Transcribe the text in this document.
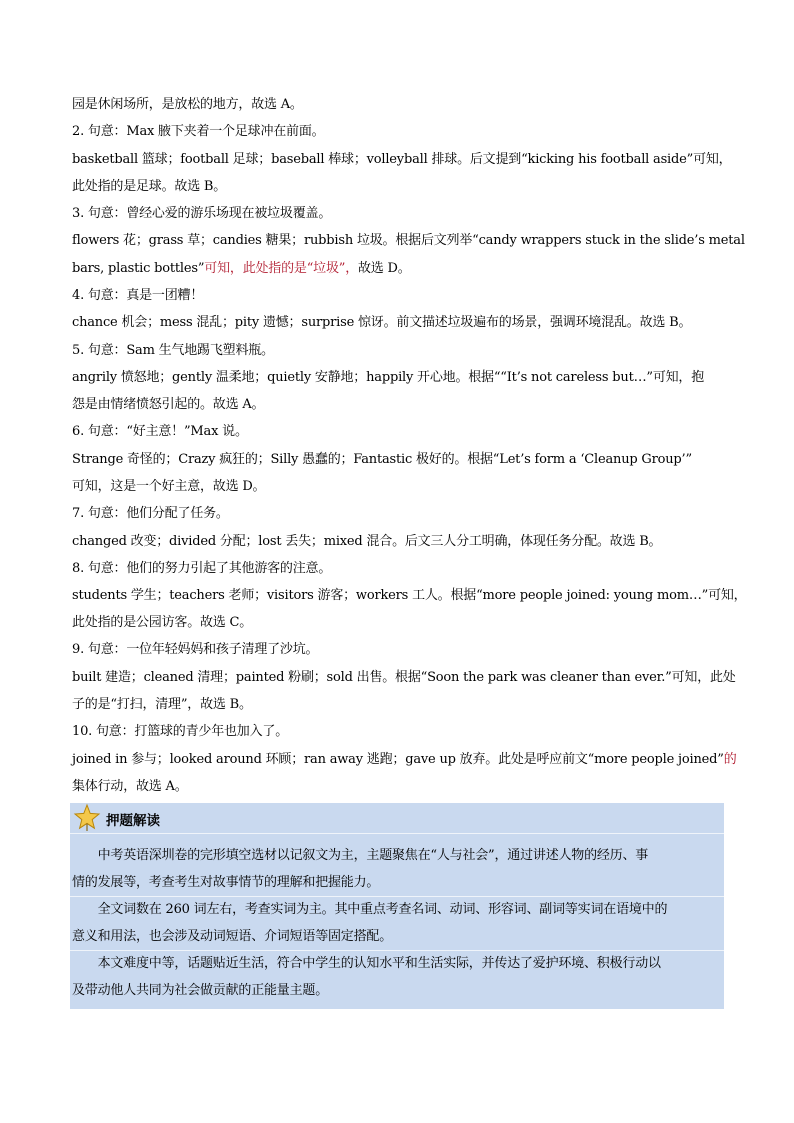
园是休闲场所，是放松的地方，故选 A。
2. 句意：Max 腋下夹着一个足球冲在前面。
basketball 篮球；football 足球；baseball 棒球；volleyball 排球。后文提到“kicking his football aside”可知，
此处指的是足球。故选 B。
3. 句意：曾经心爱的游乐场现在被垃圾覆盖。
flowers 花；grass 草；candies 糖果；rubbish 垃圾。根据后文列举“candy wrappers stuck in the slide’s metal
bars, plastic bottles”可知，此处指的是“垃圾”，故选 D。
4. 句意：真是一团糟！
chance 机会；mess 混乱；pity 遗憾；surprise 惊讶。前文描述垃圾遍布的场景，强调环境混乱。故选 B。
5. 句意：Sam 生气地踢飞塑料瓶。
angrily 愤怒地；gently 温柔地；quietly 安静地；happily 开心地。根据““It’s not careless but…”可知，抱
怨是由情绪愤怒引起的。故选 A。
6. 句意：“好主意！”Max 说。
Strange 奇怪的；Crazy 疯狂的；Silly 愚蠢的；Fantastic 极好的。根据“Let’s form a ‘Cleanup Group’”
可知，这是一个好主意，故选 D。
7. 句意：他们分配了任务。
changed 改变；divided 分配；lost 丢失；mixed 混合。后文三人分工明确，体现任务分配。故选 B。
8. 句意：他们的努力引起了其他游客的注意。
students 学生；teachers 老师；visitors 游客；workers 工人。根据“more people joined: young mom…”可知，
此处指的是公园访客。故选 C。
9. 句意：一位年轻妈妈和孩子清理了沙坑。
built 建造；cleaned 清理；painted 粉刷；sold 出售。根据“Soon the park was cleaner than ever.”可知，此处
子的是“打扫，清理”，故选 B。
10. 句意：打篮球的青少年也加入了。
joined in 参与；looked around 环顾；ran away 逃跑；gave up 放弃。此处是呼应前文“more people joined”的
集体行动，故选 A。
押题解读
　　中考英语深圳卷的完形填空选材以记叙文为主，主题聚焦在“人与社会”，通过讲述人物的经历、事
情的发展等，考查考生对故事情节的理解和把握能力。
　　全文词数在 260 词左右，考查实词为主。其中重点考查名词、动词、形容词、副词等实词在语境中的
意义和用法，也会涉及动词短语、介词短语等固定搭配。
　　本文难度中等，话题贴近生活，符合中学生的认知水平和生活实际，并传达了爱护环境、积极行动以
及带动他人共同为社会做贡献的正能量主题。
